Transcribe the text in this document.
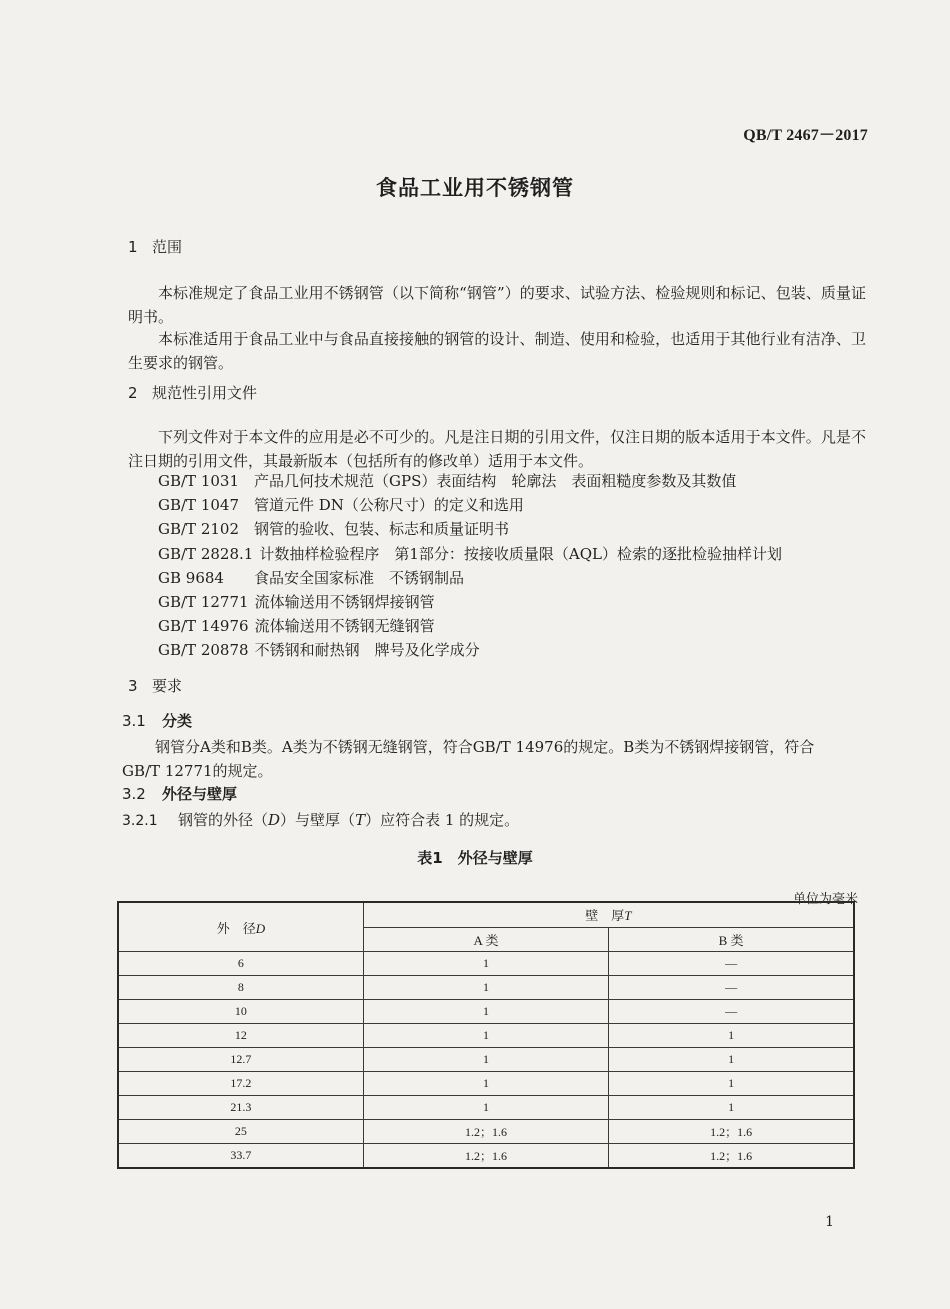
QB/T 2467－2017
食品工业用不锈钢管
1 范围
本标准规定了食品工业用不锈钢管（以下简称“钢管”）的要求、试验方法、检验规则和标记、包装、质量证明书。
本标准适用于食品工业中与食品直接接触的钢管的设计、制造、使用和检验，也适用于其他行业有洁净、卫生要求的钢管。
2 规范性引用文件
下列文件对于本文件的应用是必不可少的。凡是注日期的引用文件，仅注日期的版本适用于本文件。凡是不注日期的引用文件，其最新版本（包括所有的修改单）适用于本文件。
GB/T 1031 产品几何技术规范（GPS）表面结构　轮廓法　表面粗糙度参数及其数值
GB/T 1047 管道元件 DN（公称尺寸）的定义和选用
GB/T 2102 钢管的验收、包装、标志和质量证明书
GB/T 2828.1 计数抽样检验程序　第1部分：按接收质量限（AQL）检索的逐批检验抽样计划
GB 9684 食品安全国家标准　不锈钢制品
GB/T 12771 流体输送用不锈钢焊接钢管
GB/T 14976 流体输送用不锈钢无缝钢管
GB/T 20878 不锈钢和耐热钢　牌号及化学成分
3 要求
3.1 分类
钢管分A类和B类。A类为不锈钢无缝钢管，符合GB/T 14976的规定。B类为不锈钢焊接钢管，符合
GB/T 12771的规定。
3.2 外径与壁厚
3.2.1 钢管的外径（D）与壁厚（T）应符合表 1 的规定。
表1　外径与壁厚
单位为毫米
外　径D	壁　厚T	
	A 类	B 类
6	1	—
8	1	—
10	1	—
12	1	1
12.7	1	1
17.2	1	1
21.3	1	1
25	1.2；1.6	1.2；1.6
33.7	1.2；1.6	1.2；1.6
1
